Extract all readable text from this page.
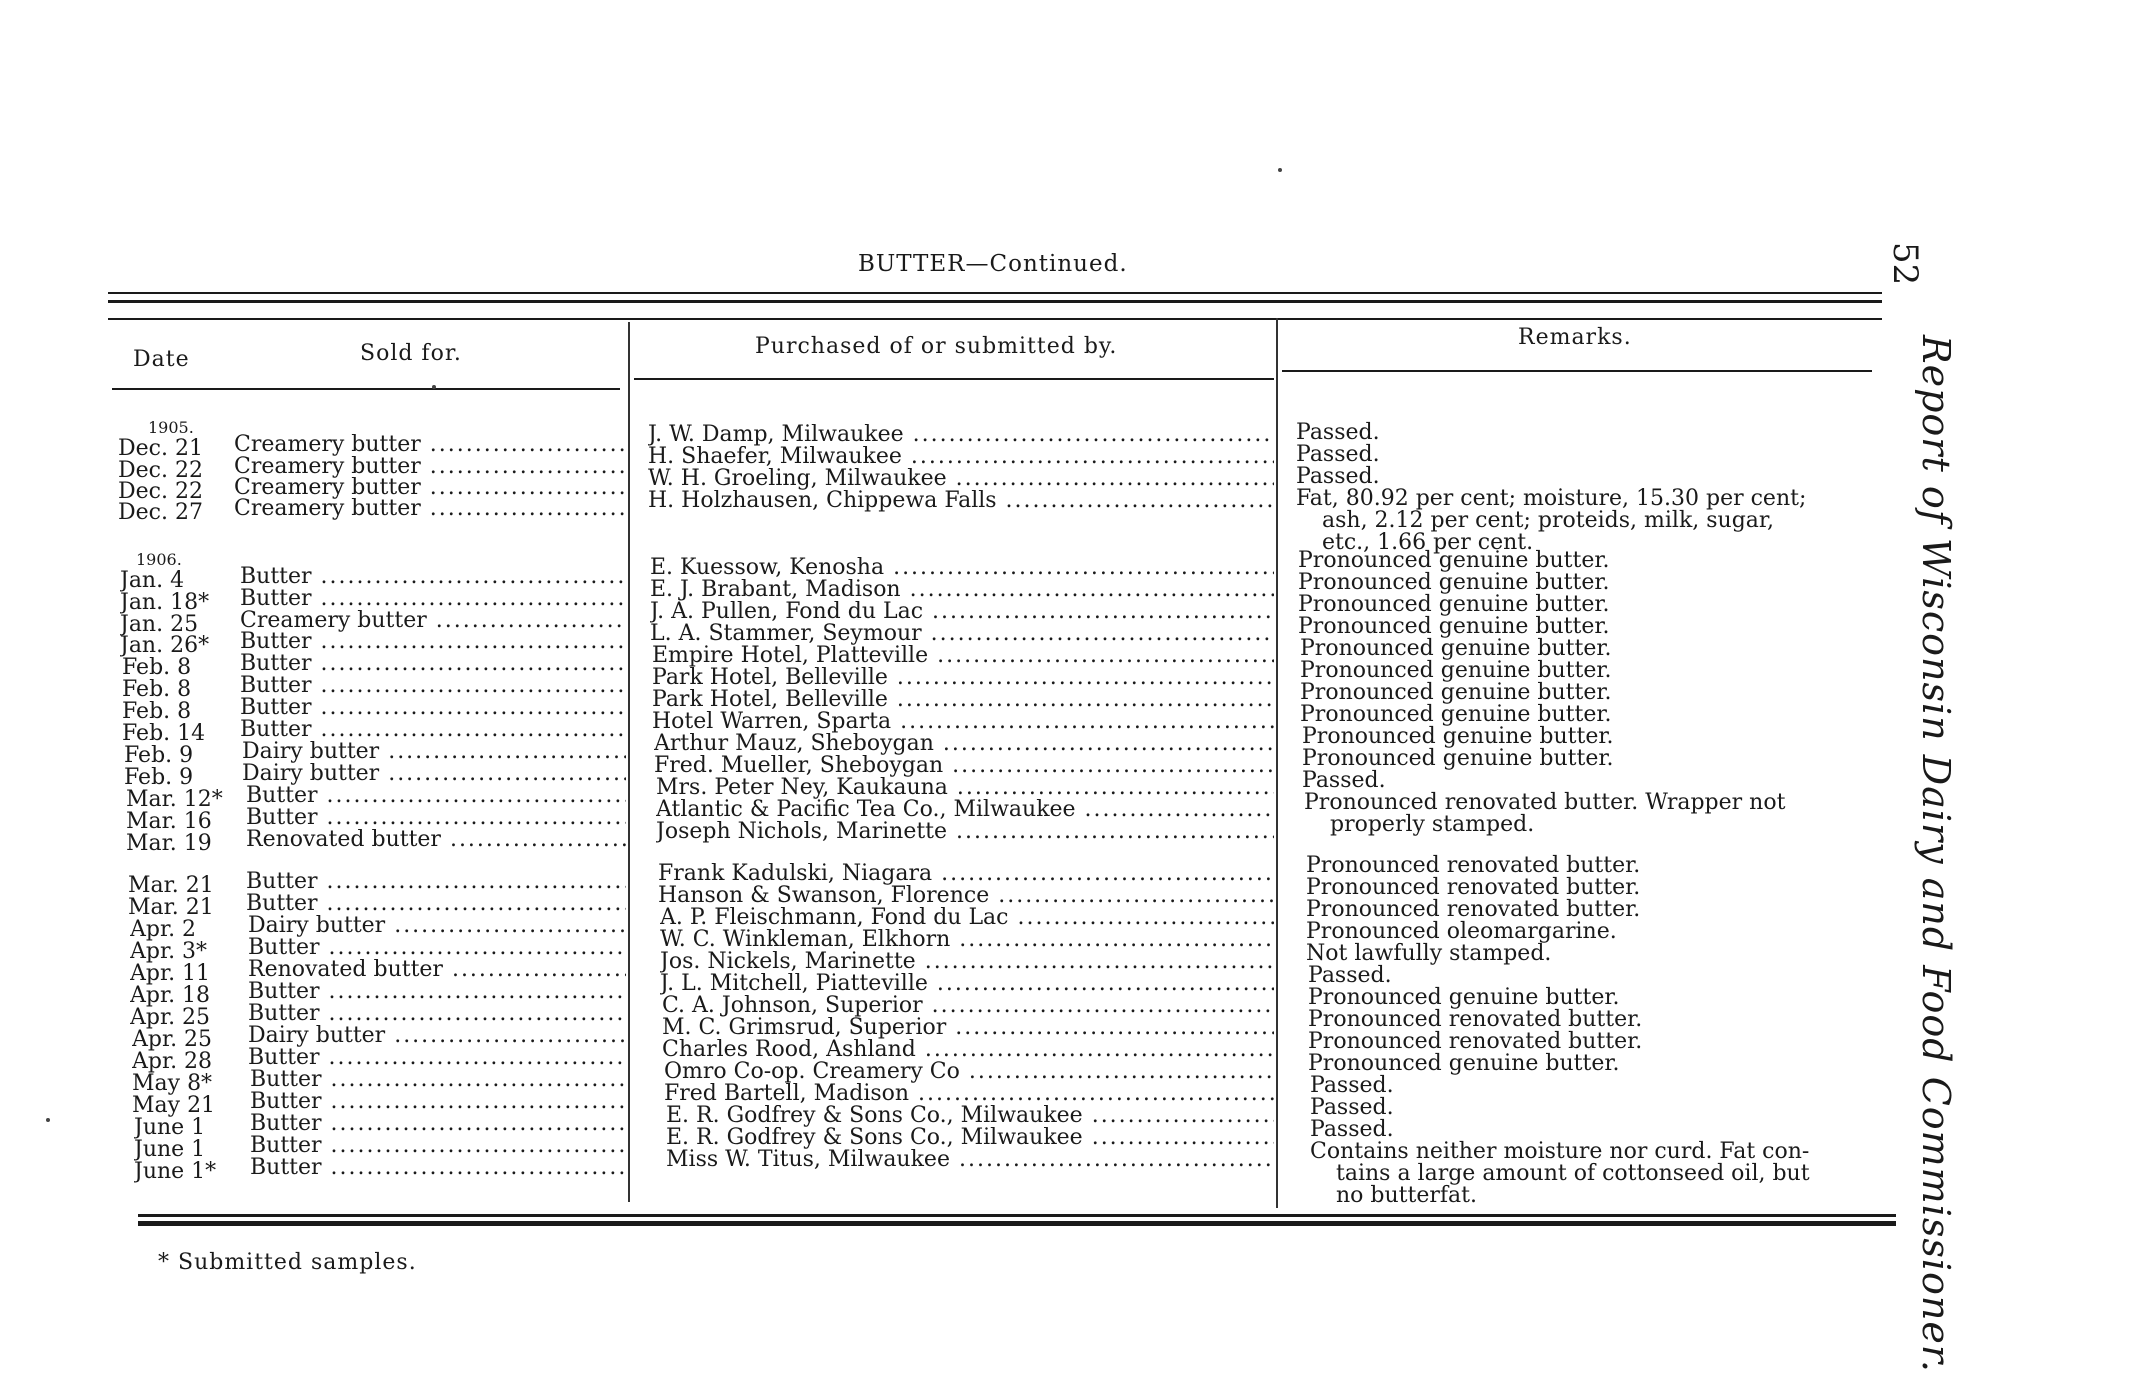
BUTTER—Continued.	52
Report of Wisconsin Dairy and Food Commissioner.
Date	Sold for.	Purchased of or submitted by.	Remarks.
1905.
1906.
Dec. 21	Creamery butter .....	J. W. Damp, Milwaukee .....	Passed.
Dec. 22	Creamery butter .....	H. Shaefer, Milwaukee .....	Passed.
Dec. 22	Creamery butter .....	W. H. Groeling, Milwaukee .....	Passed.
Dec. 27	Creamery butter .....	H. Holzhausen, Chippewa Falls .....	Fat, 80.92 per cent; moisture, 15.30 per cent;
ash, 2.12 per cent; proteids, milk, sugar,
etc., 1.66 per cent.
Jan. 4	Butter .....	E. Kuessow, Kenosha .....	Pronounced genuine butter.
Jan. 18*	Butter .....	E. J. Brabant, Madison .....	Pronounced genuine butter.
Jan. 25	Creamery butter .....	J. A. Pullen, Fond du Lac .....	Pronounced genuine butter.
Jan. 26*	Butter .....	L. A. Stammer, Seymour .....	Pronounced genuine butter.
Feb. 8	Butter .....	Empire Hotel, Platteville .....	Pronounced genuine butter.
Feb. 8	Butter .....	Park Hotel, Belleville .....	Pronounced genuine butter.
Feb. 8	Butter .....	Park Hotel, Belleville .....	Pronounced genuine butter.
Feb. 14	Butter .....	Hotel Warren, Sparta .....	Pronounced genuine butter.
Feb. 9	Dairy butter .....	Arthur Mauz, Sheboygan .....	Pronounced genuine butter.
Feb. 9	Dairy butter .....	Fred. Mueller, Sheboygan .....	Pronounced genuine butter.
Mar. 12*	Butter .....	Mrs. Peter Ney, Kaukauna .....	Passed.
Mar. 16	Butter .....	Atlantic & Pacific Tea Co., Milwaukee .....	Pronounced renovated butter. Wrapper not
properly stamped.
Mar. 19	Renovated butter .....	Joseph Nichols, Marinette .....
Mar. 21	Butter .....	Frank Kadulski, Niagara .....	Pronounced renovated butter.
Mar. 21	Butter .....	Hanson & Swanson, Florence .....	Pronounced renovated butter.
Apr. 2	Dairy butter .....	A. P. Fleischmann, Fond du Lac .....	Pronounced renovated butter.
Apr. 3*	Butter .....	W. C. Winkleman, Elkhorn .....	Pronounced oleomargarine.
Apr. 11	Renovated butter .....	Jos. Nickels, Marinette .....	Not lawfully stamped.
Apr. 18	Butter .....	J. L. Mitchell, Piatteville .....	Passed.
Apr. 25	Butter .....	C. A. Johnson, Superior .....	Pronounced genuine butter.
Apr. 25	Dairy butter .....	M. C. Grimsrud, Superior .....	Pronounced renovated butter.
Apr. 28	Butter .....	Charles Rood, Ashland .....	Pronounced renovated butter.
May 8*	Butter .....	Omro Co-op. Creamery Co .....	Pronounced genuine butter.
May 21	Butter .....	Fred Bartell, Madison .....	Passed.
June 1	Butter .....	E. R. Godfrey & Sons Co., Milwaukee .....	Passed.
June 1	Butter .....	E. R. Godfrey & Sons Co., Milwaukee .....	Passed.
June 1*	Butter .....	Miss W. Titus, Milwaukee .....	Contains neither moisture nor curd. Fat con-
tains a large amount of cottonseed oil, but
no butterfat.
* Submitted samples.
